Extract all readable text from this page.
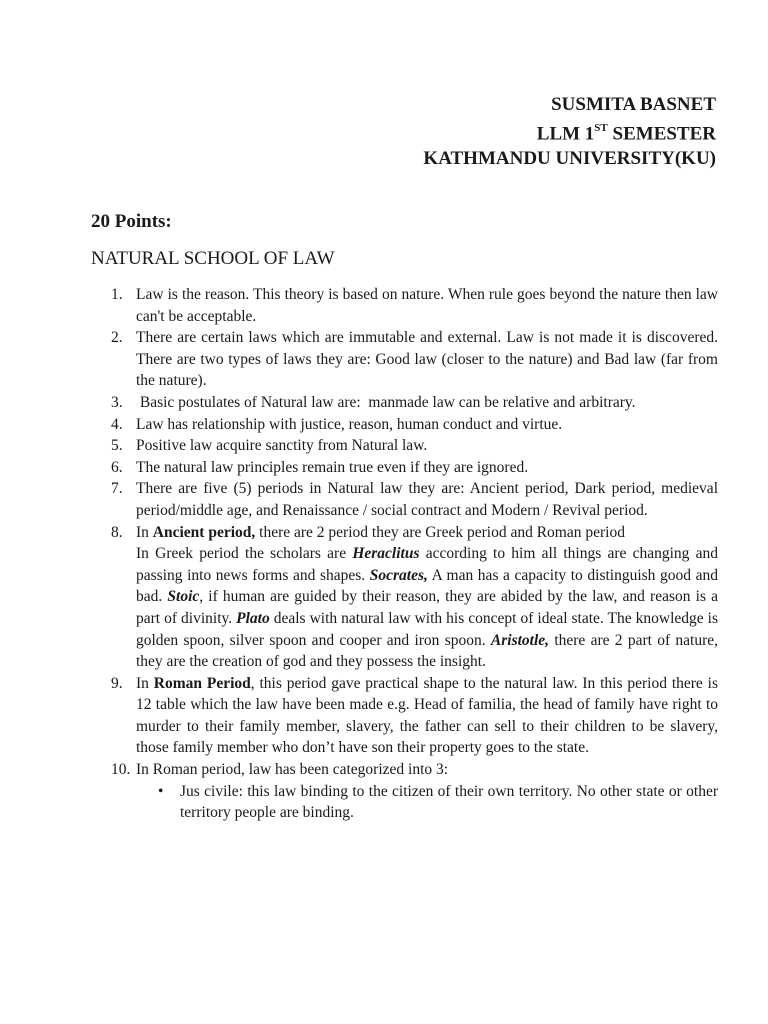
SUSMITA BASNET
LLM 1ST SEMESTER
KATHMANDU UNIVERSITY(KU)
20 Points:
NATURAL SCHOOL OF LAW
1. Law is the reason. This theory is based on nature. When rule goes beyond the nature then law can't be acceptable.
2. There are certain laws which are immutable and external. Law is not made it is discovered. There are two types of laws they are: Good law (closer to the nature) and Bad law (far from the nature).
3. Basic postulates of Natural law are:  manmade law can be relative and arbitrary.
4. Law has relationship with justice, reason, human conduct and virtue.
5. Positive law acquire sanctity from Natural law.
6. The natural law principles remain true even if they are ignored.
7. There are five (5) periods in Natural law they are: Ancient period, Dark period, medieval period/middle age, and Renaissance / social contract and Modern / Revival period.
8. In Ancient period, there are 2 period they are Greek period and Roman period
In Greek period the scholars are Heraclitus according to him all things are changing and passing into news forms and shapes. Socrates, A man has a capacity to distinguish good and bad. Stoic, if human are guided by their reason, they are abided by the law, and reason is a part of divinity. Plato deals with natural law with his concept of ideal state. The knowledge is golden spoon, silver spoon and cooper and iron spoon. Aristotle, there are 2 part of nature, they are the creation of god and they possess the insight.
9. In Roman Period, this period gave practical shape to the natural law. In this period there is 12 table which the law have been made e.g. Head of familia, the head of family have right to murder to their family member, slavery, the father can sell to their children to be slavery, those family member who don’t have son their property goes to the state.
10. In Roman period, law has been categorized into 3:
• Jus civile: this law binding to the citizen of their own territory. No other state or other territory people are binding.
